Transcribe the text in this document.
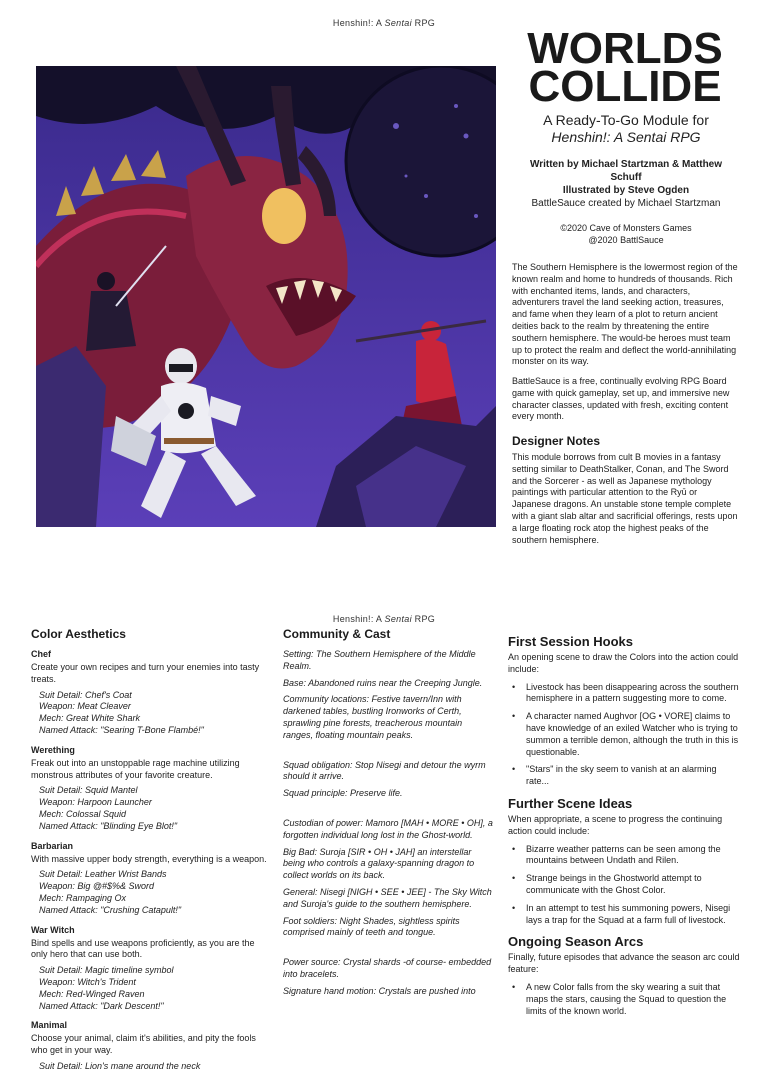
Henshin!: A Sentai RPG
WORLDS
COLLIDE
A Ready-To-Go Module for
Henshin!: A Sentai RPG
Written by Michael Startzman & Matthew Schuff
Illustrated by Steve Ogden
BattleSauce created by Michael Startzman
©2020 Cave of Monsters Games
@2020 BattlSauce
The Southern Hemisphere is the lowermost region of the known realm and home to hundreds of thousands. Rich with enchanted items, lands, and characters, adventurers travel the land seeking action, treasures, and fame when they learn of a plot to return ancient deities back to the realm by threatening the entire southern hemisphere. The would-be heroes must team up to protect the realm and deflect the world-annihilating monster on its way.
BattleSauce is a free, continually evolving RPG Board game with quick gameplay, set up, and immersive new character classes, updated with fresh, exciting content every month.
Designer Notes
This module borrows from cult B movies in a fantasy setting similar to DeathStalker, Conan, and The Sword and the Sorcerer - as well as Japanese mythology paintings with particular attention to the Ryū or Japanese dragons. An unstable stone temple complete with a giant slab altar and sacrificial offerings, rests upon a large floating rock atop the highest peaks of the southern hemisphere.
Henshin!: A Sentai RPG
Color Aesthetics
Chef
Create your own recipes and turn your enemies into tasty treats.
Suit Detail: Chef's Coat
Weapon: Meat Cleaver
Mech: Great White Shark
Named Attack: "Searing T-Bone Flambé!"
Werething
Freak out into an unstoppable rage machine utilizing monstrous attributes of your favorite creature.
Suit Detail: Squid Mantel
Weapon: Harpoon Launcher
Mech: Colossal Squid
Named Attack: "Blinding Eye Blot!"
Barbarian
With massive upper body strength, everything is a weapon.
Suit Detail: Leather Wrist Bands
Weapon: Big @#$%& Sword
Mech: Rampaging Ox
Named Attack: "Crushing Catapult!"
War Witch
Bind spells and use weapons proficiently, as you are the only hero that can use both.
Suit Detail: Magic timeline symbol
Weapon: Witch's Trident
Mech: Red-Winged Raven
Named Attack: "Dark Descent!"
Manimal
Choose your animal, claim it's abilities, and pity the fools who get in your way.
Suit Detail: Lion's mane around the neck
Community & Cast
Setting: The Southern Hemisphere of the Middle Realm.
Base: Abandoned ruins near the Creeping Jungle.
Community locations: Festive tavern/Inn with darkened tables, bustling Ironworks of Certh, sprawling pine forests, treacherous mountain ranges, floating mountain peaks.
Squad obligation: Stop Nisegi and detour the wyrm should it arrive.
Squad principle: Preserve life.
Custodian of power: Mamoro [MAH • MORE • OH], a forgotten individual long lost in the Ghost-world.
Big Bad: Suroja [SIR • OH • JAH] an interstellar being who controls a galaxy-spanning dragon to collect worlds on its back.
General: Nisegi [NIGH • SEE • JEE] - The Sky Witch and Suroja's guide to the southern hemisphere.
Foot soldiers: Night Shades, sightless spirits comprised mainly of teeth and tongue.
Power source: Crystal shards -of course- embedded into bracelets.
Signature hand motion: Crystals are pushed into
First Session Hooks
An opening scene to draw the Colors into the action could include:
• Livestock has been disappearing across the southern hemisphere in a pattern suggesting more to come.
• A character named Aughvor [OG • VORE] claims to have knowledge of an exiled Watcher who is trying to summon a terrible demon, although the truth in this is questionable.
• "Stars" in the sky seem to vanish at an alarming rate...
Further Scene Ideas
When appropriate, a scene to progress the continuing action could include:
• Bizarre weather patterns can be seen among the mountains between Undath and Rilen.
• Strange beings in the Ghostworld attempt to communicate with the Ghost Color.
• In an attempt to test his summoning powers, Nisegi lays a trap for the Squad at a farm full of livestock.
Ongoing Season Arcs
Finally, future episodes that advance the season arc could feature:
• A new Color falls from the sky wearing a suit that maps the stars, causing the Squad to question the limits of the known world.
